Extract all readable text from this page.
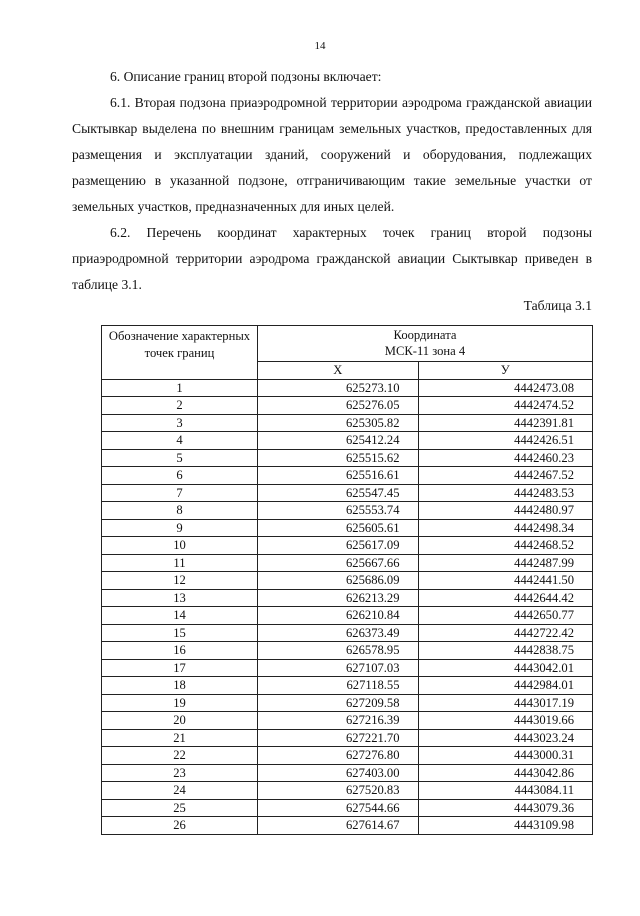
14

6. Описание границ второй подзоны включает:

6.1. Вторая подзона приаэродромной территории аэродрома гражданской авиации Сыктывкар выделена по внешним границам земельных участков, предоставленных для размещения и эксплуатации зданий, сооружений и оборудования, подлежащих размещению в указанной подзоне, отграничивающим такие земельные участки от земельных участков, предназначенных для иных целей.

6.2. Перечень координат характерных точек границ второй подзоны приаэродромной территории аэродрома гражданской авиации Сыктывкар приведен в таблице 3.1.

Таблица 3.1
Обозначение характерных точек границ	Координата
МСК-11 зона 4	

	Х	У
1	625273.10	4442473.08
2	625276.05	4442474.52
3	625305.82	4442391.81
4	625412.24	4442426.51
5	625515.62	4442460.23
6	625516.61	4442467.52
7	625547.45	4442483.53
8	625553.74	4442480.97
9	625605.61	4442498.34
10	625617.09	4442468.52
11	625667.66	4442487.99
12	625686.09	4442441.50
13	626213.29	4442644.42
14	626210.84	4442650.77
15	626373.49	4442722.42
16	626578.95	4442838.75
17	627107.03	4443042.01
18	627118.55	4442984.01
19	627209.58	4443017.19
20	627216.39	4443019.66
21	627221.70	4443023.24
22	627276.80	4443000.31
23	627403.00	4443042.86
24	627520.83	4443084.11
25	627544.66	4443079.36
26	627614.67	4443109.98
